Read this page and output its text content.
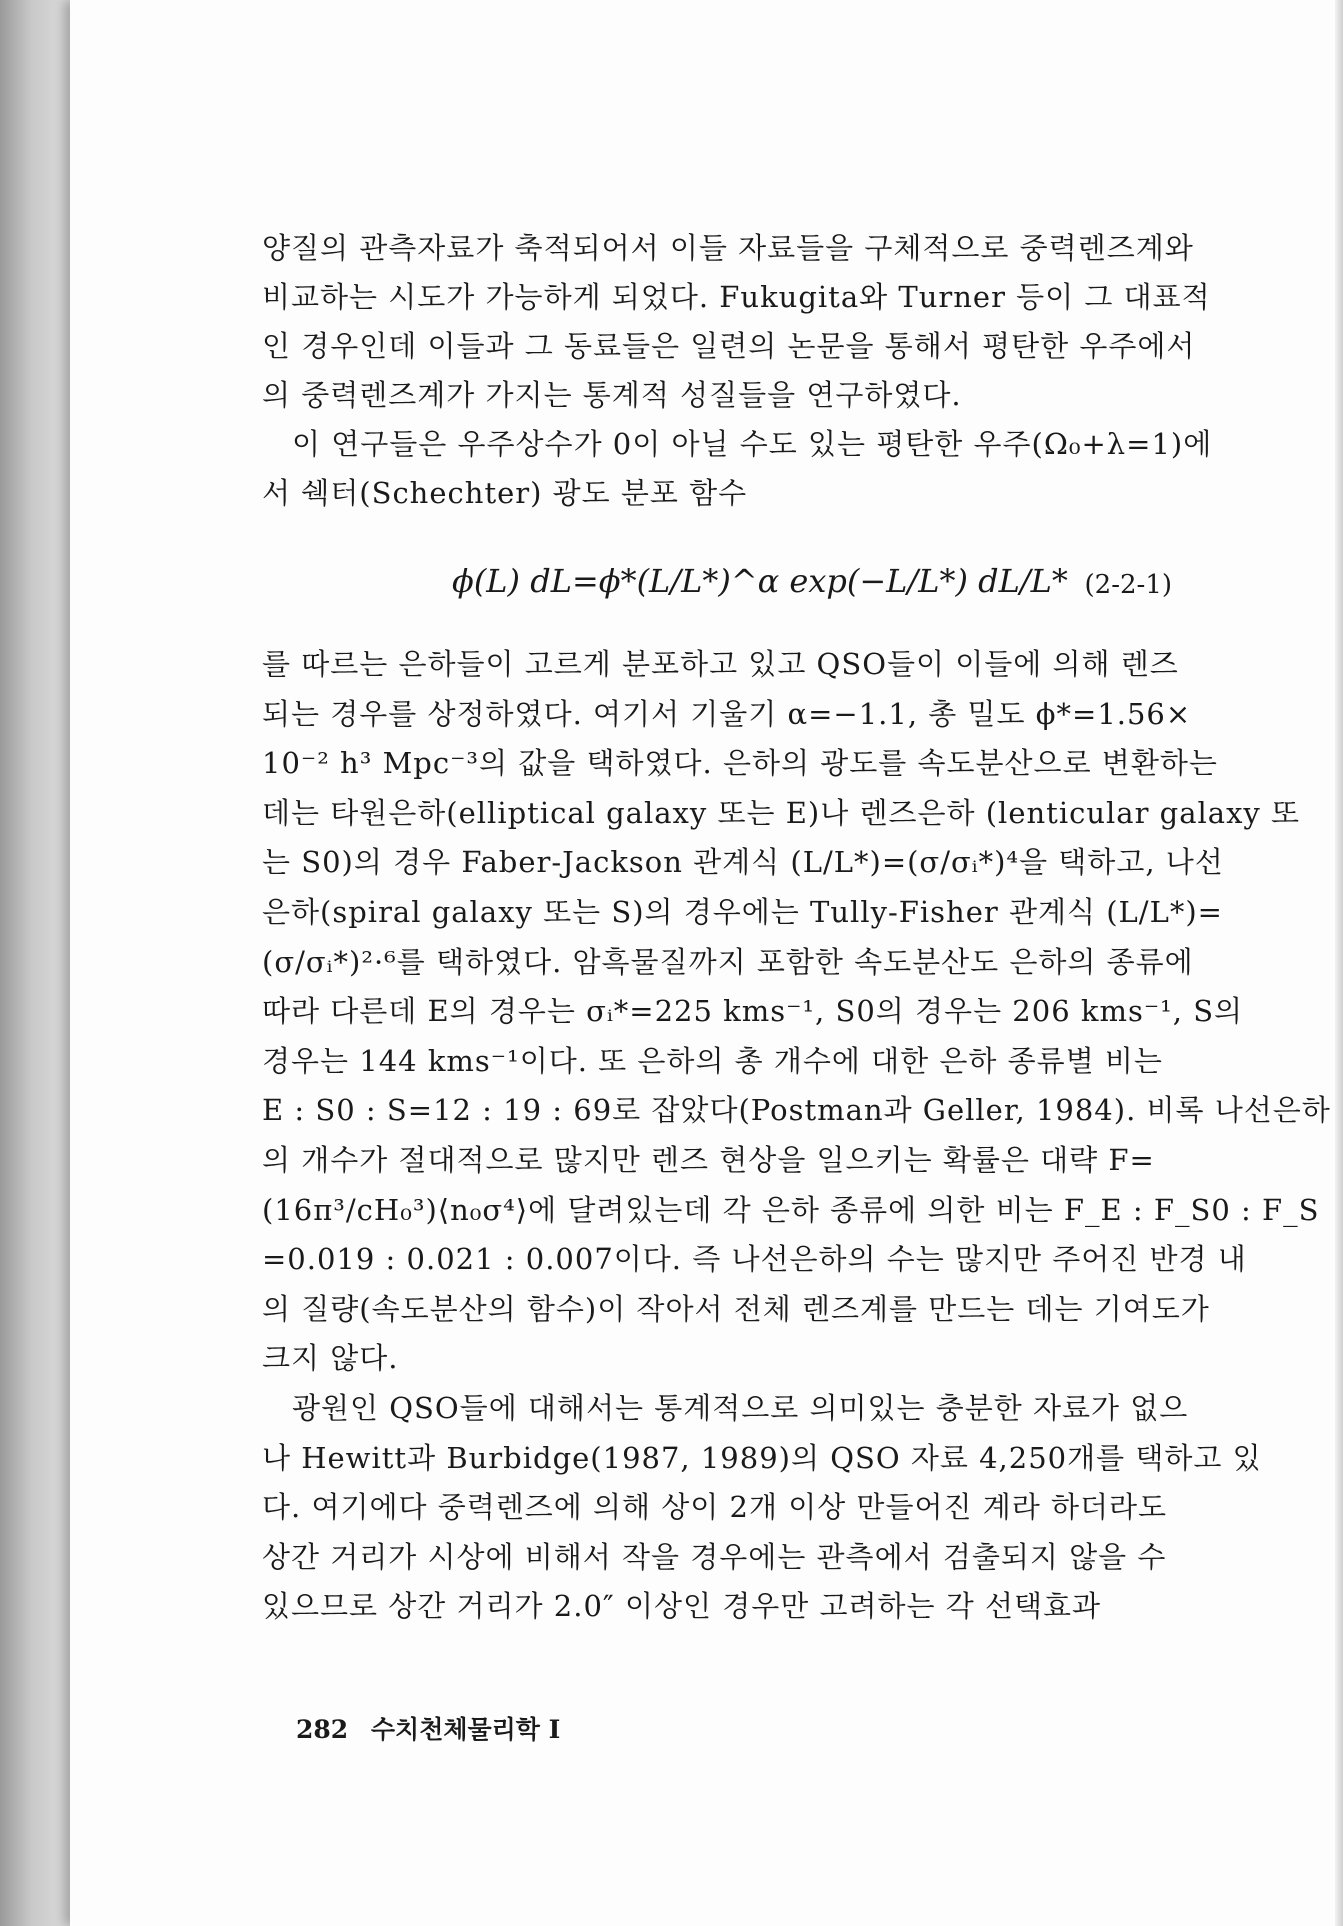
양질의 관측자료가 축적되어서 이들 자료들을 구체적으로 중력렌즈계와
비교하는 시도가 가능하게 되었다. Fukugita와 Turner 등이 그 대표적
인 경우인데 이들과 그 동료들은 일련의 논문을 통해서 평탄한 우주에서
의 중력렌즈계가 가지는 통계적 성질들을 연구하였다.
　이 연구들은 우주상수가 0이 아닐 수도 있는 평탄한 우주(Ω₀+λ=1)에
서 쉑터(Schechter) 광도 분포 함수
ϕ(L) dL=ϕ*(L/L*)^α exp(−L/L*) dL/L* (2-2-1)
를 따르는 은하들이 고르게 분포하고 있고 QSO들이 이들에 의해 렌즈
되는 경우를 상정하였다. 여기서 기울기 α=−1.1, 총 밀도 ϕ*=1.56×
10⁻² h³ Mpc⁻³의 값을 택하였다. 은하의 광도를 속도분산으로 변환하는
데는 타원은하(elliptical galaxy 또는 E)나 렌즈은하 (lenticular galaxy 또
는 S0)의 경우 Faber-Jackson 관계식 (L/L*)=(σ/σᵢ*)⁴을 택하고, 나선
은하(spiral galaxy 또는 S)의 경우에는 Tully-Fisher 관계식 (L/L*)=
(σ/σᵢ*)²·⁶를 택하였다. 암흑물질까지 포함한 속도분산도 은하의 종류에
따라 다른데 E의 경우는 σᵢ*=225 kms⁻¹, S0의 경우는 206 kms⁻¹, S의
경우는 144 kms⁻¹이다. 또 은하의 총 개수에 대한 은하 종류별 비는
E : S0 : S=12 : 19 : 69로 잡았다(Postman과 Geller, 1984). 비록 나선은하
의 개수가 절대적으로 많지만 렌즈 현상을 일으키는 확률은 대략 F=
(16π³/cH₀³)⟨n₀σ⁴⟩에 달려있는데 각 은하 종류에 의한 비는 F_E : F_S0 : F_S
=0.019 : 0.021 : 0.007이다. 즉 나선은하의 수는 많지만 주어진 반경 내
의 질량(속도분산의 함수)이 작아서 전체 렌즈계를 만드는 데는 기여도가
크지 않다.
　광원인 QSO들에 대해서는 통계적으로 의미있는 충분한 자료가 없으
나 Hewitt과 Burbidge(1987, 1989)의 QSO 자료 4,250개를 택하고 있
다. 여기에다 중력렌즈에 의해 상이 2개 이상 만들어진 계라 하더라도
상간 거리가 시상에 비해서 작을 경우에는 관측에서 검출되지 않을 수
있으므로 상간 거리가 2.0″ 이상인 경우만 고려하는 각 선택효과
282 수치천체물리학 Ⅰ
